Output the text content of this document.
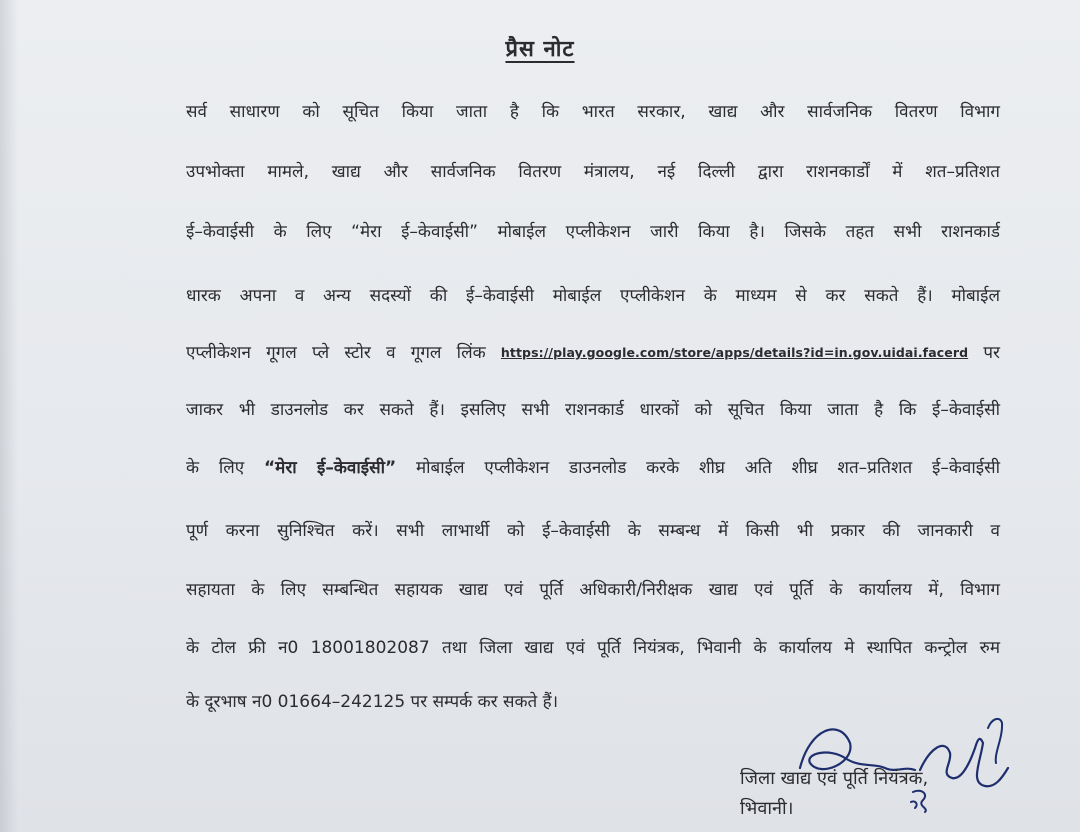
प्रैस नोट
सर्व साधारण को सूचित किया जाता है कि भारत सरकार, खाद्य और सार्वजनिक वितरण विभाग
उपभोक्ता मामले, खाद्य और सार्वजनिक वितरण मंत्रालय, नई दिल्ली द्वारा राशनकार्डों में शत–प्रतिशत
ई–केवाईसी के लिए “मेरा ई–केवाईसी” मोबाईल एप्लीकेशन जारी किया है। जिसके तहत सभी राशनकार्ड
धारक अपना व अन्य सदस्यों की ई–केवाईसी मोबाईल एप्लीकेशन के माध्यम से कर सकते हैं। मोबाईल
एप्लीकेशन गूगल प्ले स्टोर व गूगल लिंक https://play.google.com/store/apps/details?id=in.gov.uidai.facerd पर
जाकर भी डाउनलोड कर सकते हैं। इसलिए सभी राशनकार्ड धारकों को सूचित किया जाता है कि ई–केवाईसी
के लिए “मेरा ई–केवाईसी” मोबाईल एप्लीकेशन डाउनलोड करके शीघ्र अति शीघ्र शत–प्रतिशत ई–केवाईसी
पूर्ण करना सुनिश्चित करें। सभी लाभार्थी को ई–केवाईसी के सम्बन्ध में किसी भी प्रकार की जानकारी व
सहायता के लिए सम्बन्धित सहायक खाद्य एवं पूर्ति अधिकारी/निरीक्षक खाद्य एवं पूर्ति के कार्यालय में, विभाग
के टोल फ्री न0 18001802087 तथा जिला खाद्य एवं पूर्ति नियंत्रक, भिवानी के कार्यालय मे स्थापित कन्ट्रोल रुम
के दूरभाष न0 01664–242125 पर सम्पर्क कर सकते हैं।
जिला खाद्य एवं पूर्ति नियंत्रक,
भिवानी।
